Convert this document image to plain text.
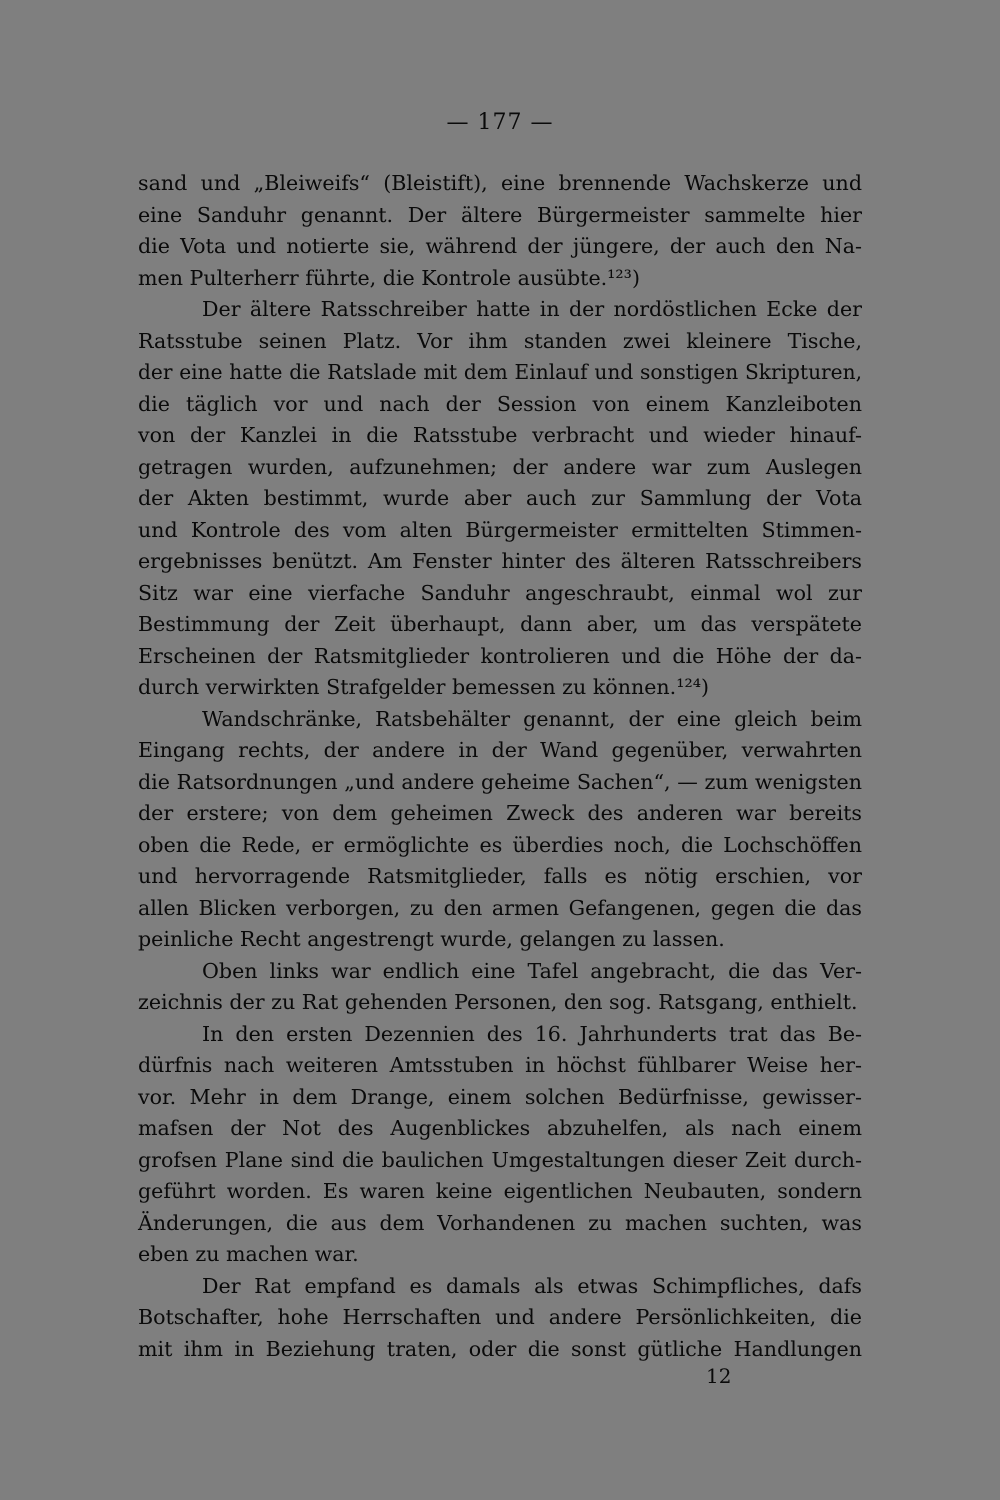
— 177 —
sand und „Bleiweifs“ (Bleistift), eine brennende Wachskerze und
eine Sanduhr genannt. Der ältere Bürgermeister sammelte hier
die Vota und notierte sie, während der jüngere, der auch den Na-
men Pulterherr führte, die Kontrole ausübte.¹²³)
Der ältere Ratsschreiber hatte in der nordöstlichen Ecke der
Ratsstube seinen Platz. Vor ihm standen zwei kleinere Tische,
der eine hatte die Ratslade mit dem Einlauf und sonstigen Skripturen,
die täglich vor und nach der Session von einem Kanzleiboten
von der Kanzlei in die Ratsstube verbracht und wieder hinauf-
getragen wurden, aufzunehmen; der andere war zum Auslegen
der Akten bestimmt, wurde aber auch zur Sammlung der Vota
und Kontrole des vom alten Bürgermeister ermittelten Stimmen-
ergebnisses benützt. Am Fenster hinter des älteren Ratsschreibers
Sitz war eine vierfache Sanduhr angeschraubt, einmal wol zur
Bestimmung der Zeit überhaupt, dann aber, um das verspätete
Erscheinen der Ratsmitglieder kontrolieren und die Höhe der da-
durch verwirkten Strafgelder bemessen zu können.¹²⁴)
Wandschränke, Ratsbehälter genannt, der eine gleich beim
Eingang rechts, der andere in der Wand gegenüber, verwahrten
die Ratsordnungen „und andere geheime Sachen“, — zum wenigsten
der erstere; von dem geheimen Zweck des anderen war bereits
oben die Rede, er ermöglichte es überdies noch, die Lochschöffen
und hervorragende Ratsmitglieder, falls es nötig erschien, vor
allen Blicken verborgen, zu den armen Gefangenen, gegen die das
peinliche Recht angestrengt wurde, gelangen zu lassen.
Oben links war endlich eine Tafel angebracht, die das Ver-
zeichnis der zu Rat gehenden Personen, den sog. Ratsgang, enthielt.
In den ersten Dezennien des 16. Jahrhunderts trat das Be-
dürfnis nach weiteren Amtsstuben in höchst fühlbarer Weise her-
vor. Mehr in dem Drange, einem solchen Bedürfnisse, gewisser-
mafsen der Not des Augenblickes abzuhelfen, als nach einem
grofsen Plane sind die baulichen Umgestaltungen dieser Zeit durch-
geführt worden. Es waren keine eigentlichen Neubauten, sondern
Änderungen, die aus dem Vorhandenen zu machen suchten, was
eben zu machen war.
Der Rat empfand es damals als etwas Schimpfliches, dafs
Botschafter, hohe Herrschaften und andere Persönlichkeiten, die
mit ihm in Beziehung traten, oder die sonst gütliche Handlungen
12
